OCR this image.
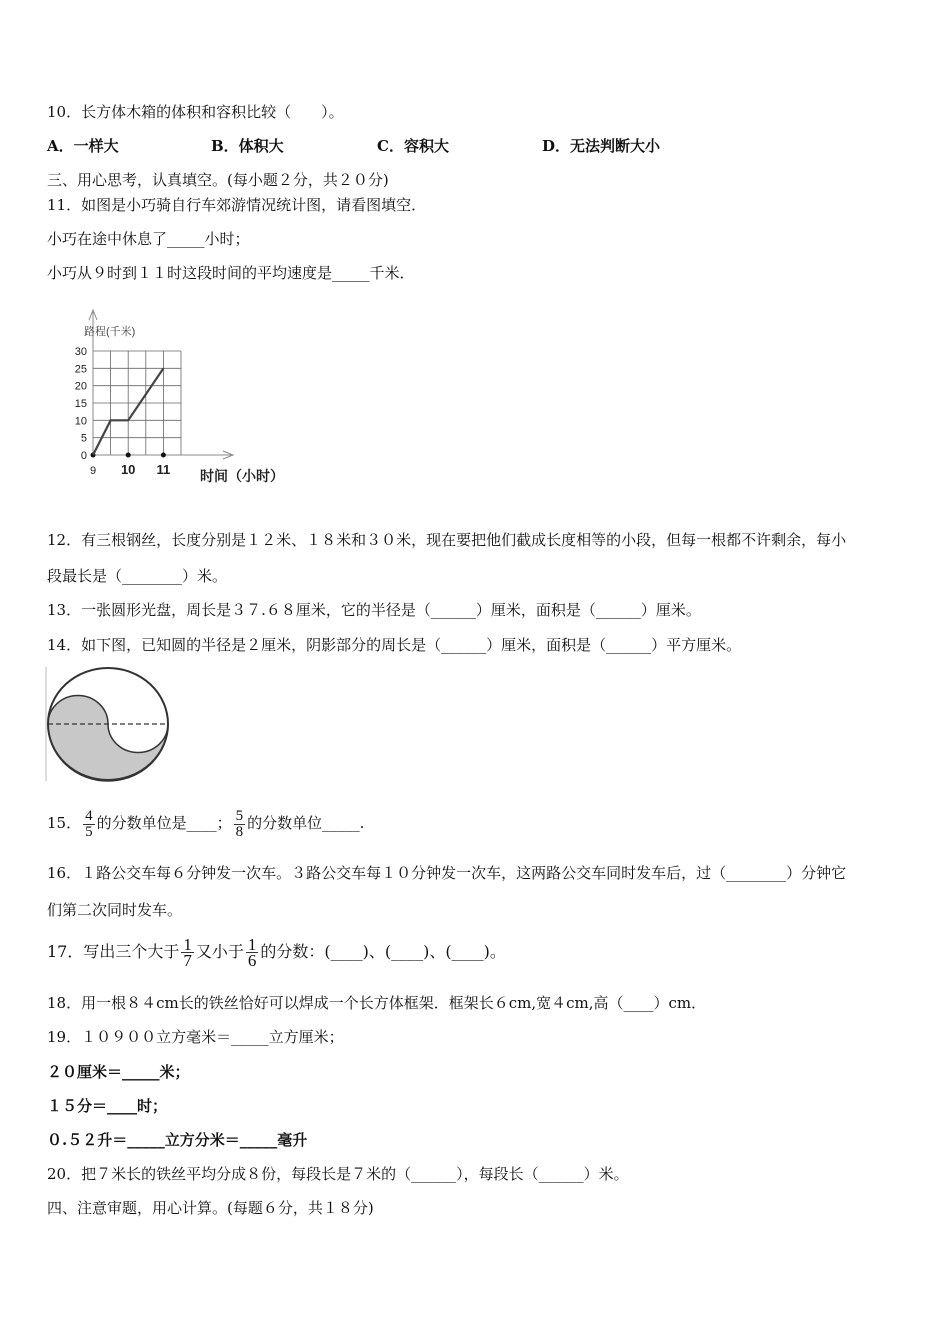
10．长方体木箱的体积和容积比较（　　）。
A．一样大	B．体积大	C．容积大	D．无法判断大小
三、用心思考，认真填空。(每小题２分，共２０分)
11．如图是小巧骑自行车郊游情况统计图，请看图填空．
小巧在途中休息了_____小时；
小巧从９时到１１时这段时间的平均速度是_____千米．
30
25
20
15
10
5
0
9 10 11
路程(千米)
时间（小时）
12．有三根钢丝，长度分别是１２米、１８米和３０米，现在要把他们截成长度相等的小段，但每一根都不许剩余，每小
段最长是（________）米。
13．一张圆形光盘，周长是３７.６８厘米，它的半径是（______）厘米，面积是（______）厘米。
14．如下图，已知圆的半径是２厘米，阴影部分的周长是（______）厘米，面积是（______）平方厘米。
15． $\frac{4}{5}$ 的分数单位是____； $\frac{5}{8}$ 的分数单位_____.
16．１路公交车每６分钟发一次车。３路公交车每１０分钟发一次车，这两路公交车同时发车后，过（________）分钟它
们第二次同时发车。
17．写出三个大于 $\frac{1}{7}$ 又小于 $\frac{1}{6}$ 的分数：(____)、(____)、(____)。
18．用一根８４cm长的铁丝恰好可以焊成一个长方体框架．框架长６cm,宽４cm,高（____）cm．
19．１０９００立方毫米＝_____立方厘米；
２０厘米＝_____米；
１５分＝____时；
０.５２升＝_____立方分米＝_____毫升
20．把７米长的铁丝平均分成８份，每段长是７米的（______），每段长（______）米。
四、注意审题，用心计算。(每题６分，共１８分)
